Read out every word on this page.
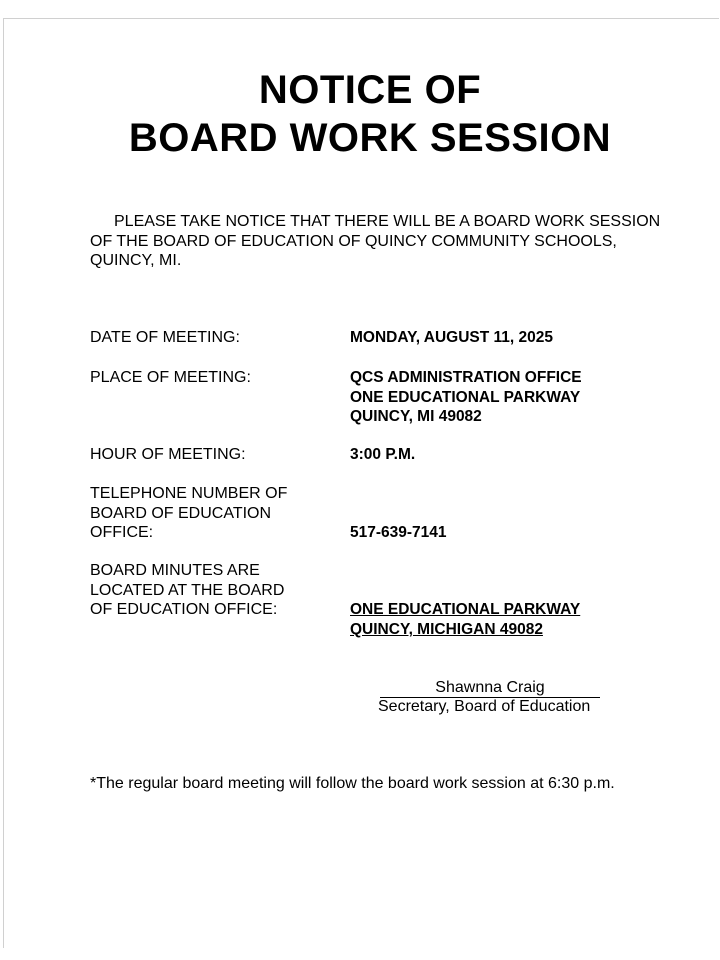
NOTICE OF
BOARD WORK SESSION
PLEASE TAKE NOTICE THAT THERE WILL BE A BOARD WORK SESSION OF THE BOARD OF EDUCATION OF QUINCY COMMUNITY SCHOOLS, QUINCY, MI.
DATE OF MEETING:	MONDAY, AUGUST 11, 2025
PLACE OF MEETING:	QCS ADMINISTRATION OFFICE
ONE EDUCATIONAL PARKWAY
QUINCY, MI 49082
HOUR OF MEETING:	3:00 P.M.
TELEPHONE NUMBER OF
BOARD OF EDUCATION
OFFICE:	517-639-7141
BOARD MINUTES ARE
LOCATED AT THE BOARD
OF EDUCATION OFFICE:	ONE EDUCATIONAL PARKWAY
QUINCY, MICHIGAN 49082
Shawnna Craig
Secretary, Board of Education
*The regular board meeting will follow the board work session at 6:30 p.m.
